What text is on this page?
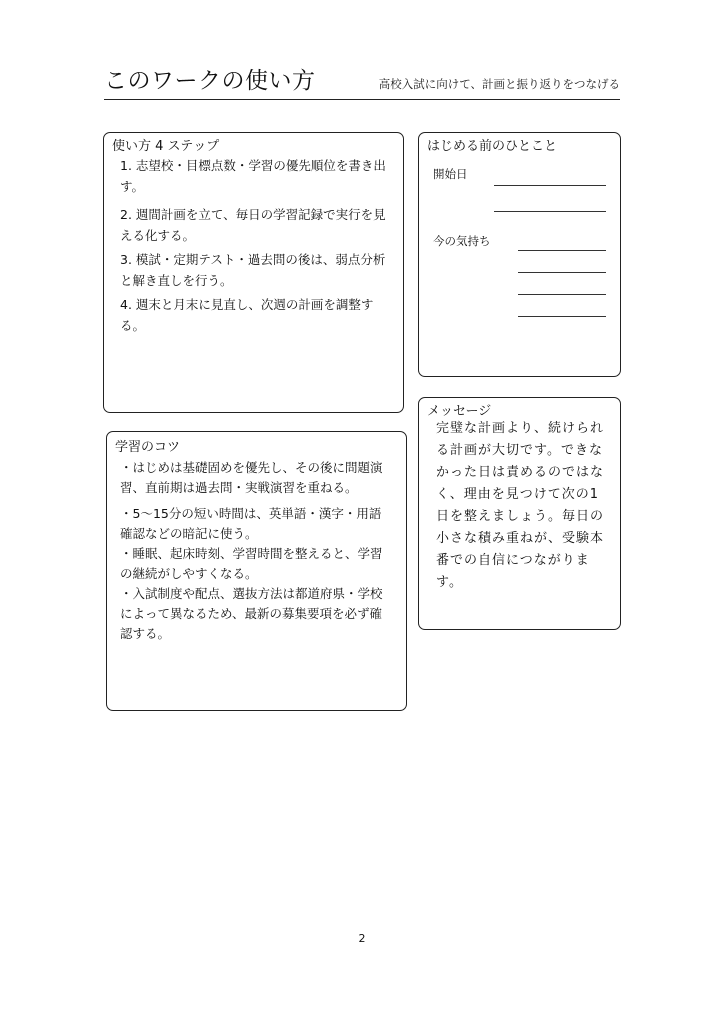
このワークの使い方	高校入試に向けて、計画と振り返りをつなげる
使い方 4 ステップ
1. 志望校・目標点数・学習の優先順位を書き出す。
2. 週間計画を立て、毎日の学習記録で実行を見える化する。
3. 模試・定期テスト・過去問の後は、弱点分析と解き直しを行う。
4. 週末と月末に見直し、次週の計画を調整する。
はじめる前のひとこと
開始日
今の気持ち
メッセージ

完璧な計画より、続けられる計画が大切です。できなかった日は責めるのではなく、理由を見つけて次の1日を整えましょう。毎日の小さな積み重ねが、受験本番での自信につながります。

学習のコツ
・はじめは基礎固めを優先し、その後に問題演習、直前期は過去問・実戦演習を重ねる。
・5〜15分の短い時間は、英単語・漢字・用語確認などの暗記に使う。
・睡眠、起床時刻、学習時間を整えると、学習の継続がしやすくなる。
・入試制度や配点、選抜方法は都道府県・学校によって異なるため、最新の募集要項を必ず確認する。
2
